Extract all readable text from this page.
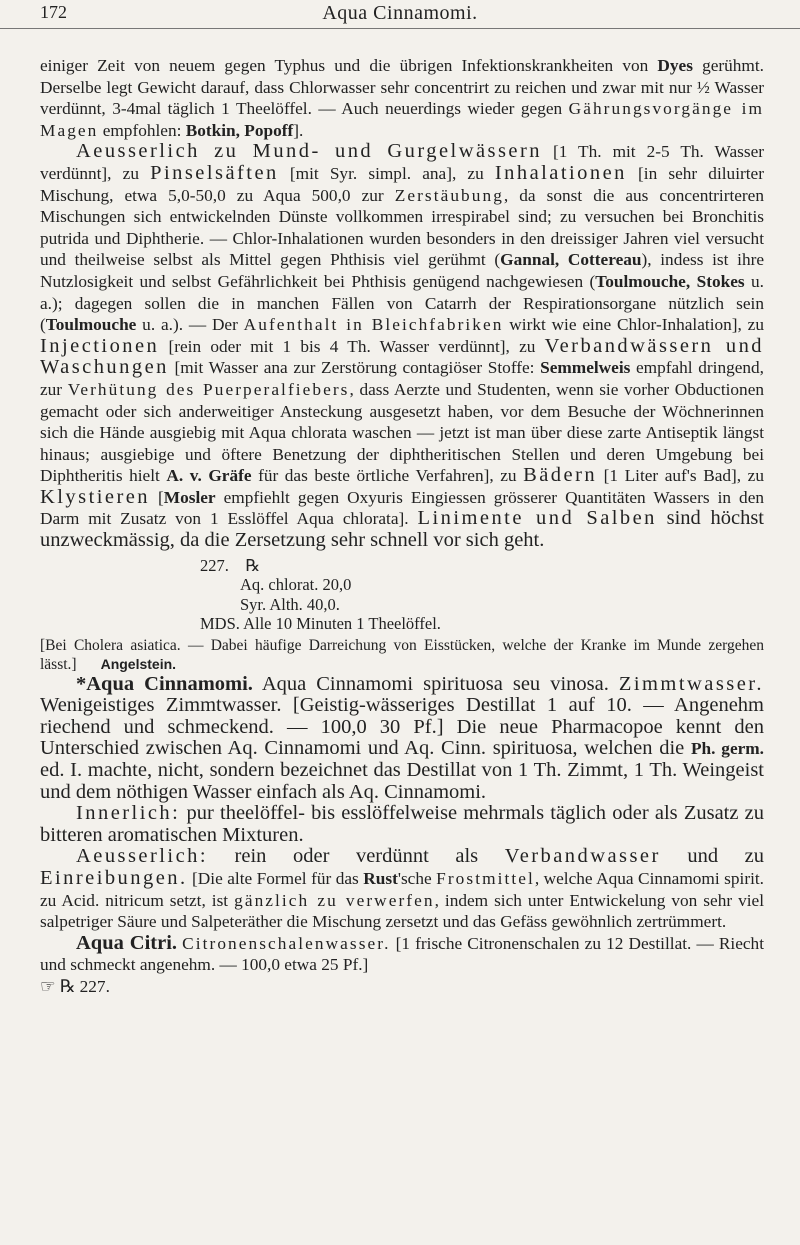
172	Aqua Cinnamomi.

einiger Zeit von neuem gegen Typhus und die übrigen Infektionskrankheiten von Dyes gerühmt. Derselbe legt Gewicht darauf, dass Chlorwasser sehr concentrirt zu reichen und zwar mit nur ½ Wasser verdünnt, 3-4mal täglich 1 Theelöffel. — Auch neuerdings wieder gegen Gährungsvorgänge im Magen empfohlen: Botkin, Popoff].

Aeusserlich zu Mund- und Gurgelwässern [1 Th. mit 2-5 Th. Wasser verdünnt], zu Pinselsäften [mit Syr. simpl. ana], zu Inhalationen [in sehr diluirter Mischung, etwa 5,0-50,0 zu Aqua 500,0 zur Zerstäubung, da sonst die aus concentrirteren Mischungen sich entwickelnden Dünste vollkommen irrespirabel sind; zu versuchen bei Bronchitis putrida und Diphtherie. — Chlor-Inhalationen wurden besonders in den dreissiger Jahren viel versucht und theilweise selbst als Mittel gegen Phthisis viel gerühmt (Gannal, Cottereau), indess ist ihre Nutzlosigkeit und selbst Gefährlichkeit bei Phthisis genügend nachgewiesen (Toulmouche, Stokes u. a.); dagegen sollen die in manchen Fällen von Catarrh der Respirationsorgane nützlich sein (Toulmouche u. a.). — Der Aufenthalt in Bleichfabriken wirkt wie eine Chlor-Inhalation], zu Injectionen [rein oder mit 1 bis 4 Th. Wasser verdünnt], zu Verbandwässern und Waschungen [mit Wasser ana zur Zerstörung contagiöser Stoffe: Semmelweis empfahl dringend, zur Verhütung des Puerperalfiebers, dass Aerzte und Studenten, wenn sie vorher Obductionen gemacht oder sich anderweitiger Ansteckung ausgesetzt haben, vor dem Besuche der Wöchnerinnen sich die Hände ausgiebig mit Aqua chlorata waschen — jetzt ist man über diese zarte Antiseptik längst hinaus; ausgiebige und öftere Benetzung der diphtheritischen Stellen und deren Umgebung bei Diphtheritis hielt A. v. Gräfe für das beste örtliche Verfahren], zu Bädern [1 Liter auf's Bad], zu Klystieren [Mosler empfiehlt gegen Oxyuris Eingiessen grösserer Quantitäten Wassers in den Darm mit Zusatz von 1 Esslöffel Aqua chlorata]. Linimente und Salben sind höchst unzweckmässig, da die Zersetzung sehr schnell vor sich geht.

227. ℞
Aq. chlorat. 20,0
Syr. Alth. 40,0.
MDS. Alle 10 Minuten 1 Theelöffel.

[Bei Cholera asiatica. — Dabei häufige Darreichung von Eisstücken, welche der Kranke im Munde zergehen lässt.] Angelstein.

*Aqua Cinnamomi. Aqua Cinnamomi spirituosa seu vinosa. Zimmtwasser. Wenigeistiges Zimmtwasser. [Geistig-wässeriges Destillat 1 auf 10. — Angenehm riechend und schmeckend. — 100,0 30 Pf.] Die neue Pharmacopoe kennt den Unterschied zwischen Aq. Cinnamomi und Aq. Cinn. spirituosa, welchen die Ph. germ. ed. I. machte, nicht, sondern bezeichnet das Destillat von 1 Th. Zimmt, 1 Th. Weingeist und dem nöthigen Wasser einfach als Aq. Cinnamomi.

Innerlich: pur theelöffel- bis esslöffelweise mehrmals täglich oder als Zusatz zu bitteren aromatischen Mixturen.

Aeusserlich: rein oder verdünnt als Verbandwasser und zu Einreibungen. [Die alte Formel für das Rust'sche Frostmittel, welche Aqua Cinnamomi spirit. zu Acid. nitricum setzt, ist gänzlich zu verwerfen, indem sich unter Entwickelung von sehr viel salpetriger Säure und Salpeteräther die Mischung zersetzt und das Gefäss gewöhnlich zertrümmert.

Aqua Citri. Citronenschalenwasser. [1 frische Citronenschalen zu 12 Destillat. — Riecht und schmeckt angenehm. — 100,0 etwa 25 Pf.]

☞ ℞ 227.
